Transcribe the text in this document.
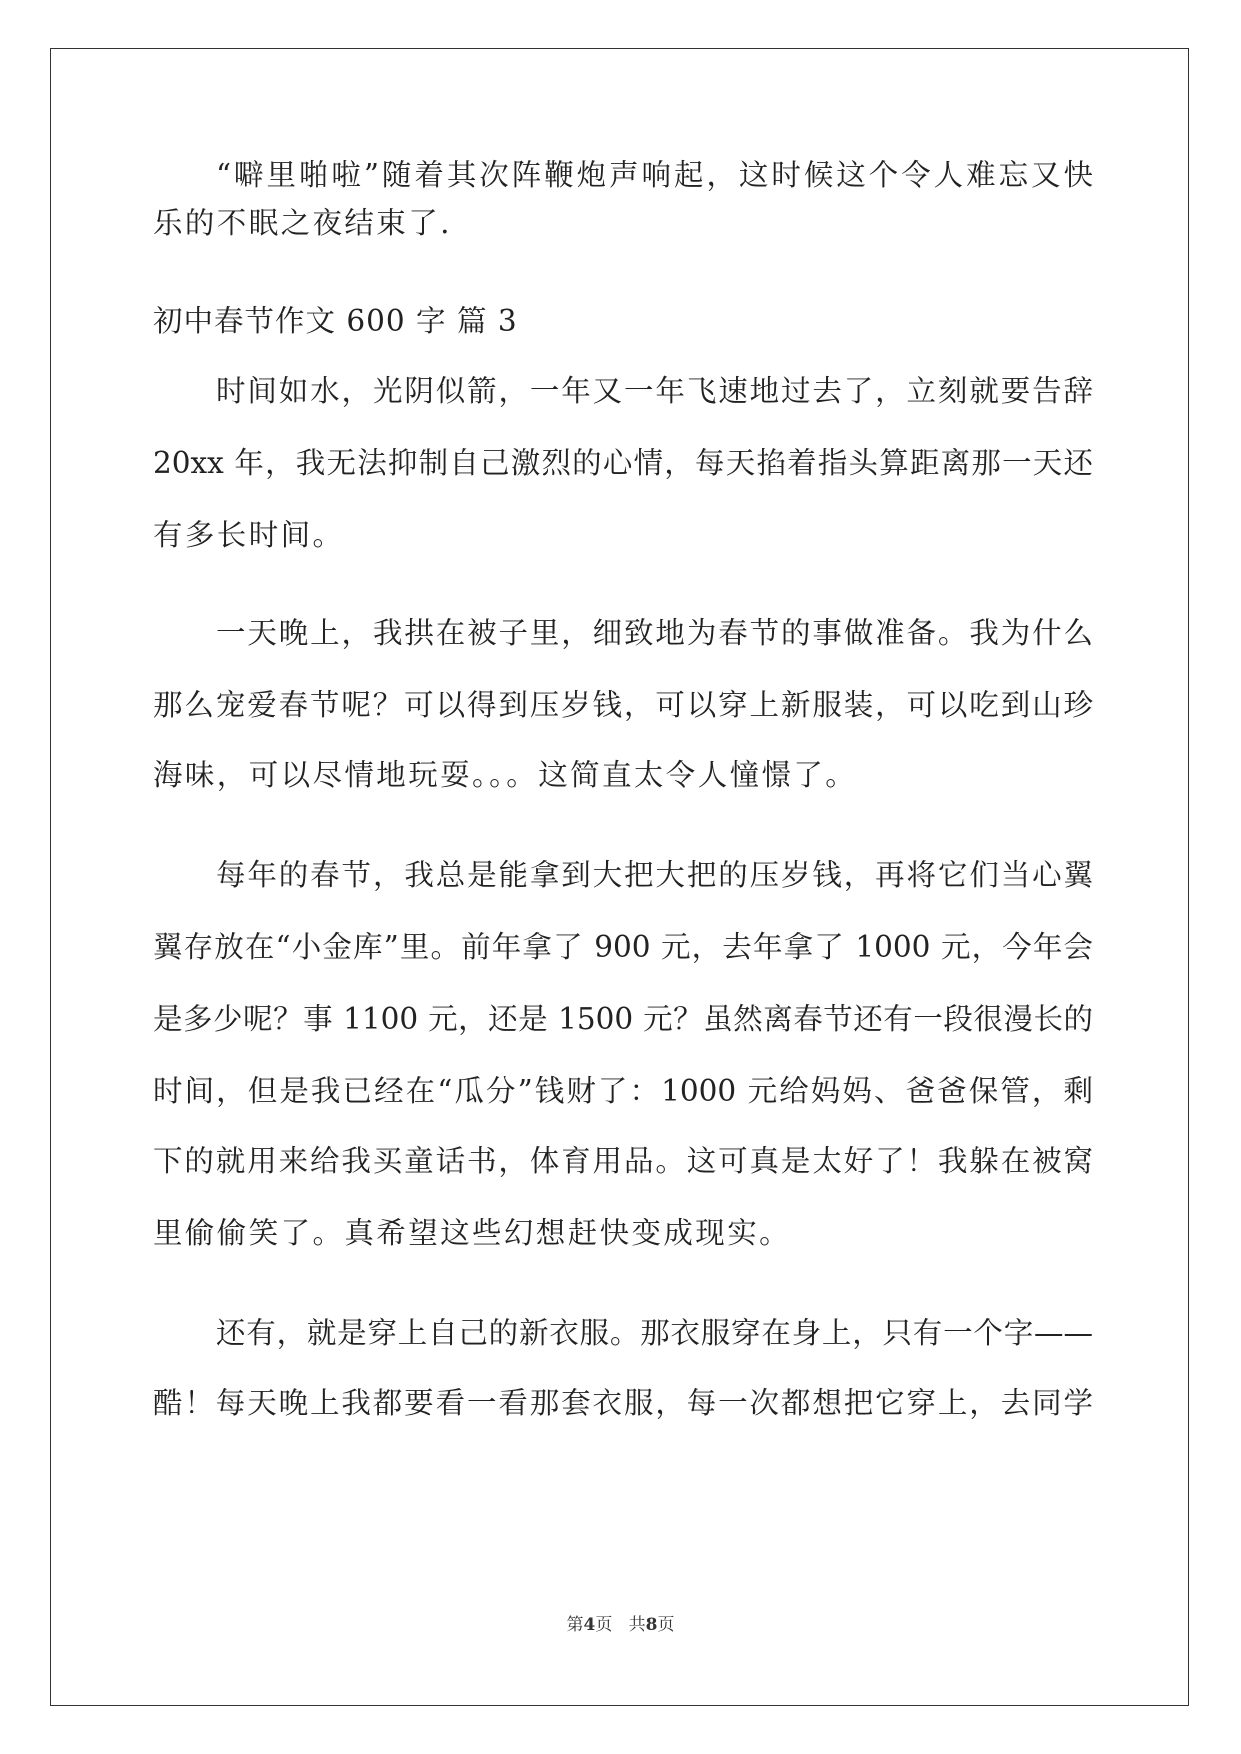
“噼里啪啦”随着其次阵鞭炮声响起，这时候这个令人难忘又快
乐的不眠之夜结束了.
初中春节作文 600 字 篇 3
时间如水，光阴似箭，一年又一年飞速地过去了，立刻就要告辞
20xx 年，我无法抑制自己激烈的心情，每天掐着指头算距离那一天还
有多长时间。
一天晚上，我拱在被子里，细致地为春节的事做准备。我为什么
那么宠爱春节呢？可以得到压岁钱，可以穿上新服装，可以吃到山珍
海味，可以尽情地玩耍。。。这简直太令人憧憬了。
每年的春节，我总是能拿到大把大把的压岁钱，再将它们当心翼
翼存放在“小金库”里。前年拿了 900 元，去年拿了 1000 元，今年会
是多少呢？事 1100 元，还是 1500 元？虽然离春节还有一段很漫长的
时间，但是我已经在“瓜分”钱财了：1000 元给妈妈、爸爸保管，剩
下的就用来给我买童话书，体育用品。这可真是太好了！我躲在被窝
里偷偷笑了。真希望这些幻想赶快变成现实。
还有，就是穿上自己的新衣服。那衣服穿在身上，只有一个字——
酷！每天晚上我都要看一看那套衣服，每一次都想把它穿上，去同学
第4页   共8页
